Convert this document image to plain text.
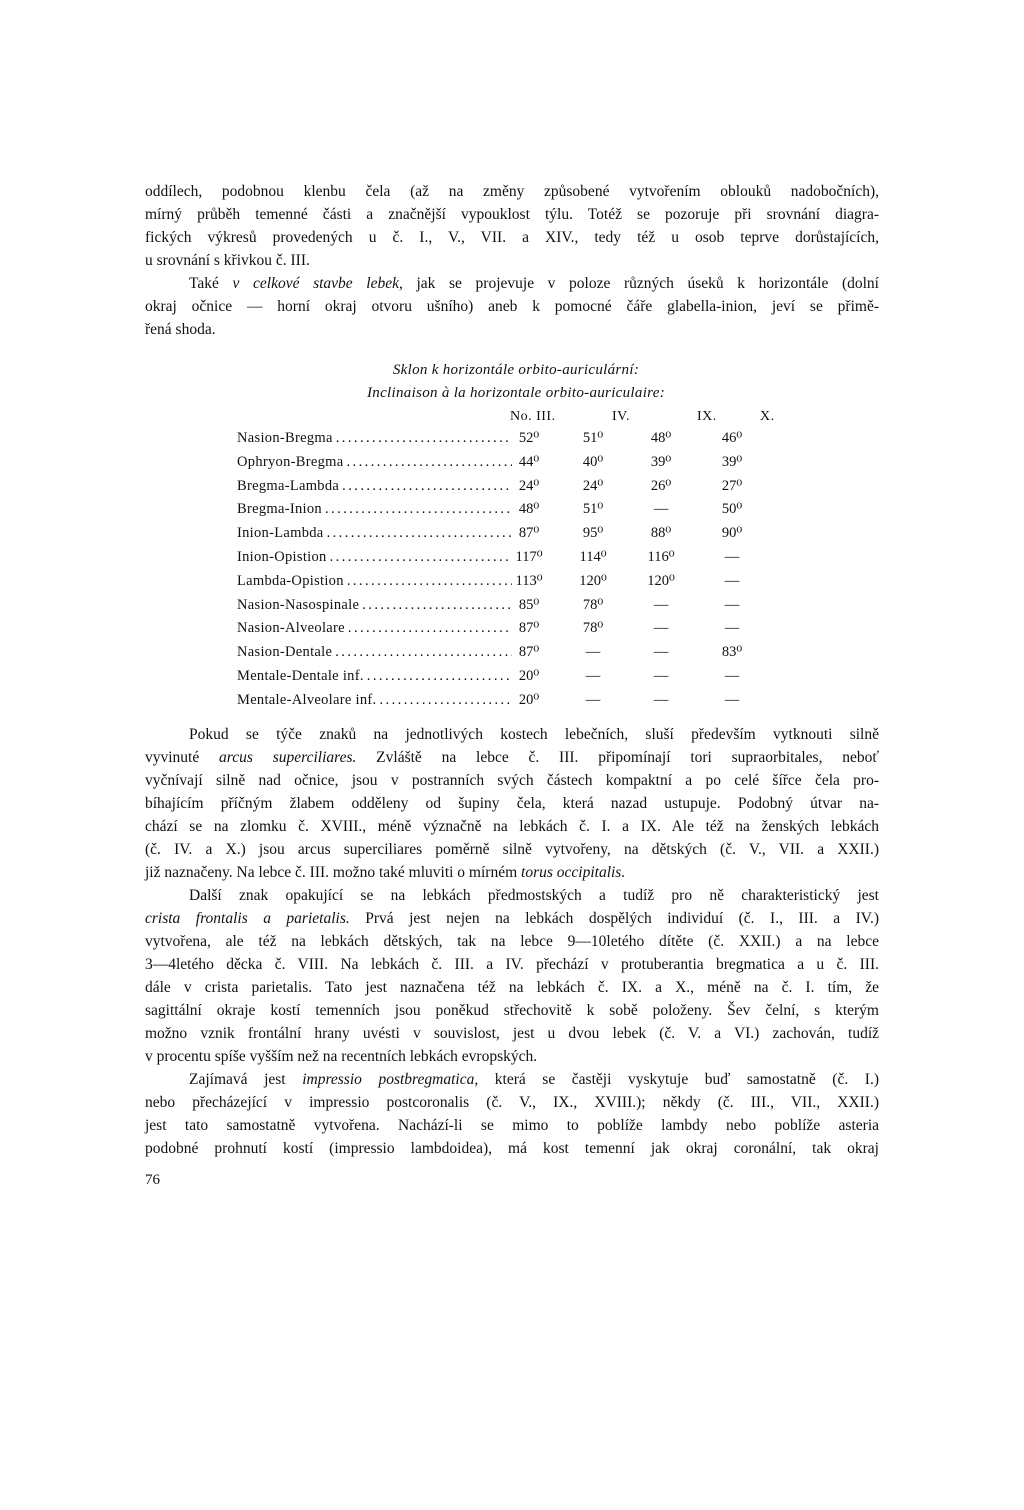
oddílech, podobnou klenbu čela (až na změny způsobené vytvořením oblouků nadobočních),

mírný průběh temenné části a značnější vypouklost týlu. Totéž se pozoruje při srovnání diagra-

fických výkresů provedených u č. I., V., VII. a XIV., tedy též u osob teprve dorůstajících,

u srovnání s křivkou č. III.

Také v celkové stavbe lebek, jak se projevuje v poloze různých úseků k horizontále (dolní

okraj očnice — horní okraj otvoru ušního) aneb k pomocné čáře glabella-inion, jeví se přimě-

řená shoda.

Sklon k horizontále orbito-auriculární:
Inclinaison à la horizontale orbito-auriculaire:
No. III.	IV.	IX.	X.
Nasion-Bregma . . .	52⁰	51⁰	48⁰	46⁰
Ophryon-Bregma . . .	44⁰	40⁰	39⁰	39⁰
Bregma-Lambda . . .	24⁰	24⁰	26⁰	27⁰
Bregma-Inion . . .	48⁰	51⁰	—	50⁰
Inion-Lambda . . .	87⁰	95⁰	88⁰	90⁰
Inion-Opistion . . .	117⁰	114⁰	116⁰	—
Lambda-Opistion . . .	113⁰	120⁰	120⁰	—
Nasion-Nasospinale . . .	85⁰	78⁰	—	—
Nasion-Alveolare . . .	87⁰	78⁰	—	—
Nasion-Dentale . . .	87⁰	—	—	83⁰
Mentale-Dentale inf. . . .	20⁰	—	—	—
Mentale-Alveolare inf. . . .	20⁰	—	—	—

Pokud se týče znaků na jednotlivých kostech lebečních, sluší především vytknouti silně

vyvinuté arcus superciliares. Zvláště na lebce č. III. připomínají tori supraorbitales, neboť

vyčnívají silně nad očnice, jsou v postranních svých částech kompaktní a po celé šířce čela pro-

bíhajícím příčným žlabem odděleny od šupiny čela, která nazad ustupuje. Podobný útvar na-

chází se na zlomku č. XVIII., méně význačně na lebkách č. I. a IX. Ale též na ženských lebkách

(č. IV. a X.) jsou arcus superciliares poměrně silně vytvořeny, na dětských (č. V., VII. a XXII.)

již naznačeny. Na lebce č. III. možno také mluviti o mírném torus occipitalis.

Další znak opakující se na lebkách předmostských a tudíž pro ně charakteristický jest

crista frontalis a parietalis. Prvá jest nejen na lebkách dospělých individuí (č. I., III. a IV.)

vytvořena, ale též na lebkách dětských, tak na lebce 9—10letého dítěte (č. XXII.) a na lebce

3—4letého děcka č. VIII. Na lebkách č. III. a IV. přechází v protuberantia bregmatica a u č. III.

dále v crista parietalis. Tato jest naznačena též na lebkách č. IX. a X., méně na č. I. tím, že

sagittální okraje kostí temenních jsou poněkud střechovitě k sobě položeny. Šev čelní, s kterým

možno vznik frontální hrany uvésti v souvislost, jest u dvou lebek (č. V. a VI.) zachován, tudíž

v procentu spíše vyšším než na recentních lebkách evropských.

Zajímavá jest impressio postbregmatica, která se častěji vyskytuje buď samostatně (č. I.)

nebo přecházející v impressio postcoronalis (č. V., IX., XVIII.); někdy (č. III., VII., XXII.)

jest tato samostatně vytvořena. Nachází-li se mimo to poblíže lambdy nebo poblíže asteria

podobné prohnutí kostí (impressio lambdoidea), má kost temenní jak okraj coronální, tak okraj

76
